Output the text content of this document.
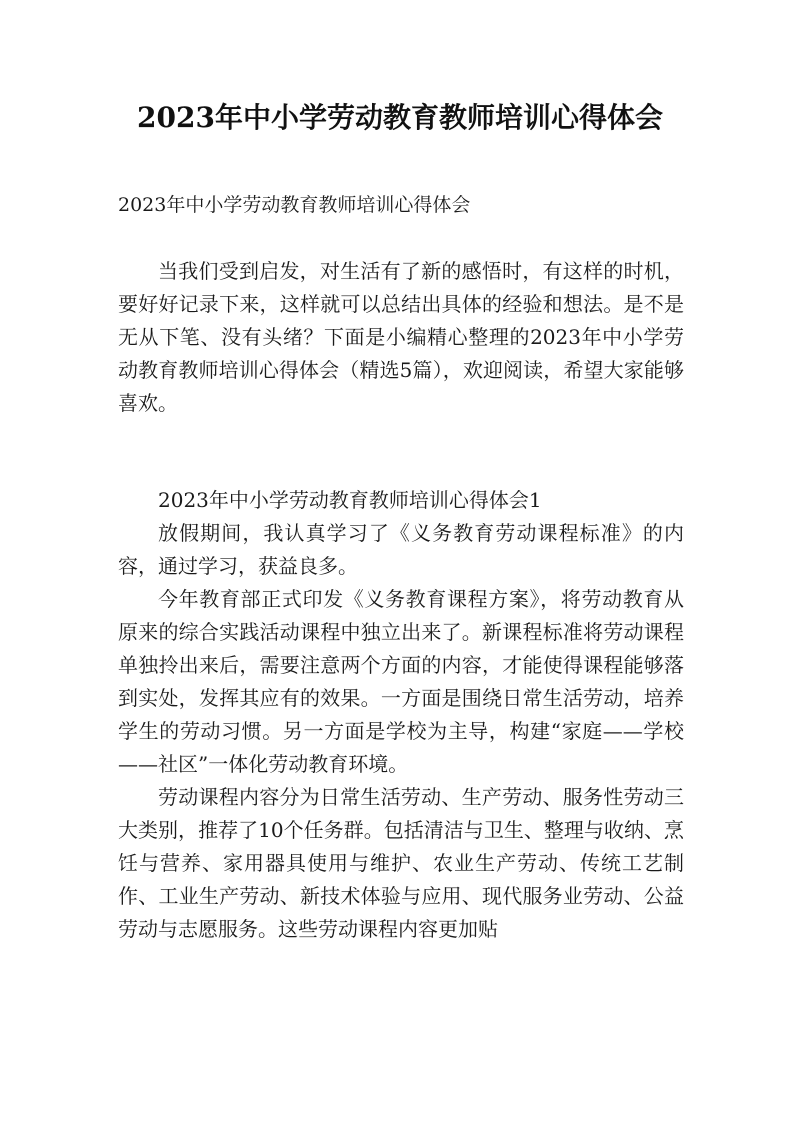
2023年中小学劳动教育教师培训心得体会
2023年中小学劳动教育教师培训心得体会

当我们受到启发，对生活有了新的感悟时，有这样的时机，要好好记录下来，这样就可以总结出具体的经验和想法。是不是无从下笔、没有头绪？下面是小编精心整理的2023年中小学劳动教育教师培训心得体会（精选5篇），欢迎阅读，希望大家能够喜欢。

2023年中小学劳动教育教师培训心得体会1

放假期间，我认真学习了《义务教育劳动课程标准》的内容，通过学习，获益良多。

今年教育部正式印发《义务教育课程方案》，将劳动教育从原来的综合实践活动课程中独立出来了。新课程标准将劳动课程单独拎出来后，需要注意两个方面的内容，才能使得课程能够落到实处，发挥其应有的效果。一方面是围绕日常生活劳动，培养学生的劳动习惯。另一方面是学校为主导，构建“家庭——学校——社区”一体化劳动教育环境。

劳动课程内容分为日常生活劳动、生产劳动、服务性劳动三大类别，推荐了10个任务群。包括清洁与卫生、整理与收纳、烹饪与营养、家用器具使用与维护、农业生产劳动、传统工艺制作、工业生产劳动、新技术体验与应用、现代服务业劳动、公益劳动与志愿服务。这些劳动课程内容更加贴
